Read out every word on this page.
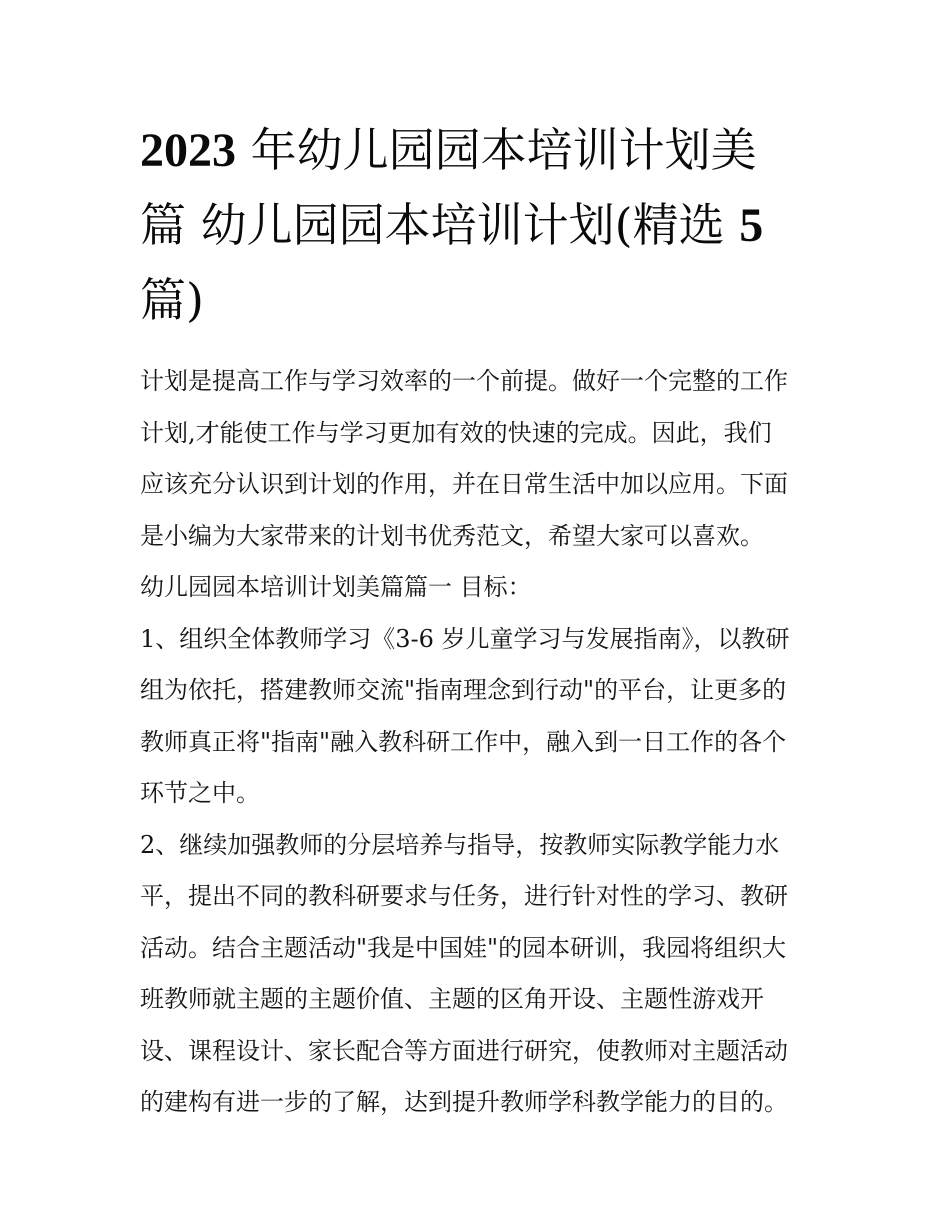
2023 年幼儿园园本培训计划美
篇 幼儿园园本培训计划(精选 5
篇)
计划是提高工作与学习效率的一个前提。做好一个完整的工作
计划,才能使工作与学习更加有效的快速的完成。因此，我们
应该充分认识到计划的作用，并在日常生活中加以应用。下面
是小编为大家带来的计划书优秀范文，希望大家可以喜欢。
幼儿园园本培训计划美篇篇一 目标：
1、组织全体教师学习《3-6 岁儿童学习与发展指南》，以教研
组为依托，搭建教师交流"指南理念到行动"的平台，让更多的
教师真正将"指南"融入教科研工作中，融入到一日工作的各个
环节之中。
2、继续加强教师的分层培养与指导，按教师实际教学能力水
平，提出不同的教科研要求与任务，进行针对性的学习、教研
活动。结合主题活动"我是中国娃"的园本研训，我园将组织大
班教师就主题的主题价值、主题的区角开设、主题性游戏开
设、课程设计、家长配合等方面进行研究，使教师对主题活动
的建构有进一步的了解，达到提升教师学科教学能力的目的。
